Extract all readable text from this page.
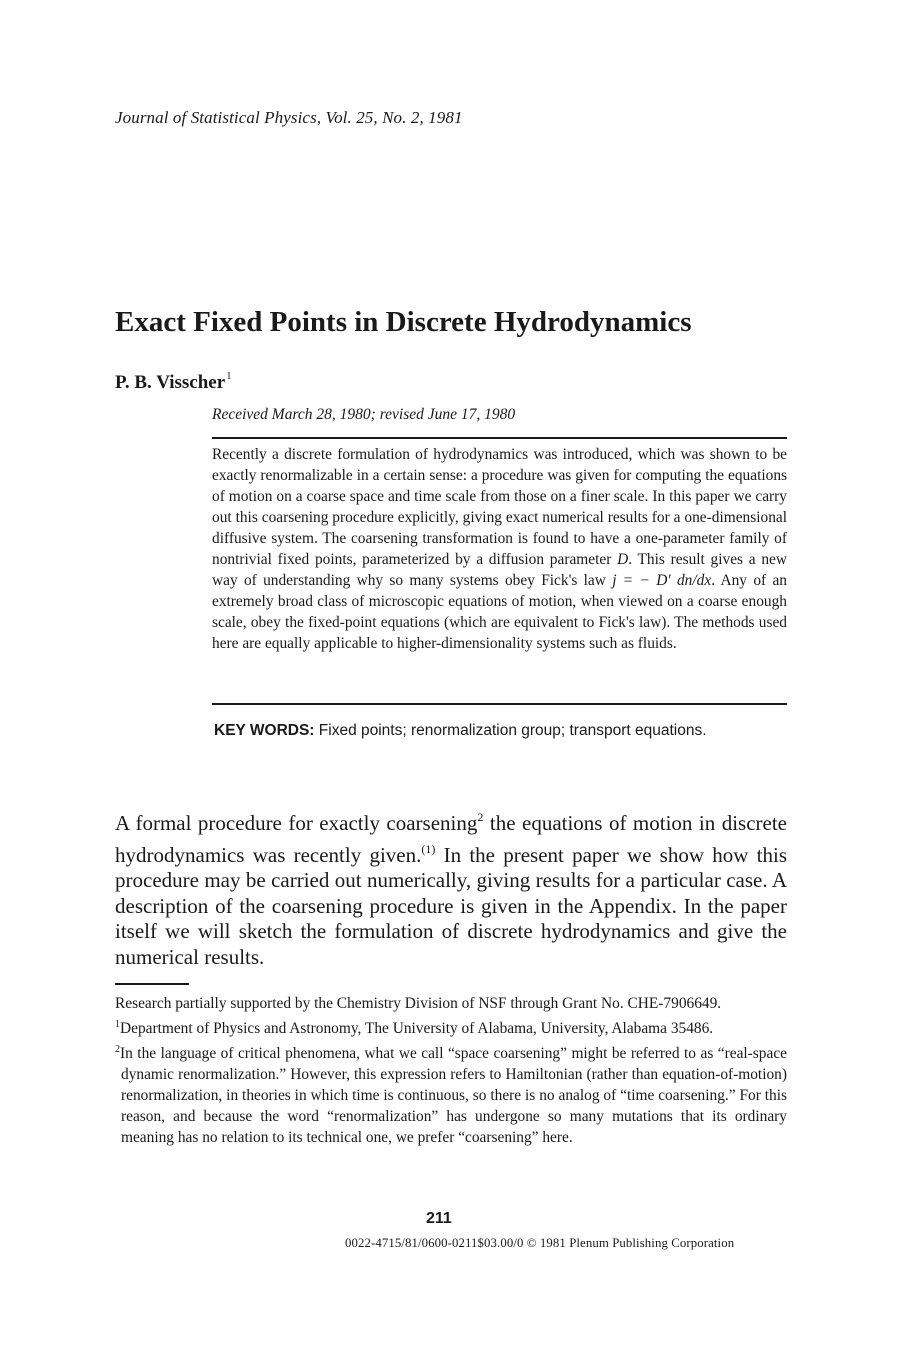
Journal of Statistical Physics, Vol. 25, No. 2, 1981
Exact Fixed Points in Discrete Hydrodynamics
P. B. Visscher$^1$
Received March 28, 1980; revised June 17, 1980

Recently a discrete formulation of hydrodynamics was introduced, which was shown to be exactly renormalizable in a certain sense: a procedure was given for computing the equations of motion on a coarse space and time scale from those on a finer scale. In this paper we carry out this coarsening procedure explicitly, giving exact numerical results for a one-dimensional diffusive system. The coarsening transformation is found to have a one-parameter family of nontrivial fixed points, parameterized by a diffusion parameter D. This result gives a new way of understanding why so many systems obey Fick's law j = − D′ dn/dx. Any of an extremely broad class of microscopic equations of motion, when viewed on a coarse enough scale, obey the fixed-point equations (which are equivalent to Fick's law). The methods used here are equally applicable to higher-dimensionality systems such as fluids.

KEY WORDS: Fixed points; renormalization group; transport equations.

A formal procedure for exactly coarsening$^2$ the equations of motion in discrete hydrodynamics was recently given.$^{(1)}$ In the present paper we show how this procedure may be carried out numerically, giving results for a particular case. A description of the coarsening procedure is given in the Appendix. In the paper itself we will sketch the formulation of discrete hydrodynamics and give the numerical results.

Research partially supported by the Chemistry Division of NSF through Grant No. CHE-7906649.

$^1$Department of Physics and Astronomy, The University of Alabama, University, Alabama 35486.

$^2$In the language of critical phenomena, what we call “space coarsening” might be referred to as “real-space dynamic renormalization.” However, this expression refers to Hamiltonian (rather than equation-of-motion) renormalization, in theories in which time is continuous, so there is no analog of “time coarsening.” For this reason, and because the word “renormalization” has undergone so many mutations that its ordinary meaning has no relation to its technical one, we prefer “coarsening” here.

211
0022-4715/81/0600-0211$03.00/0 © 1981 Plenum Publishing Corporation
